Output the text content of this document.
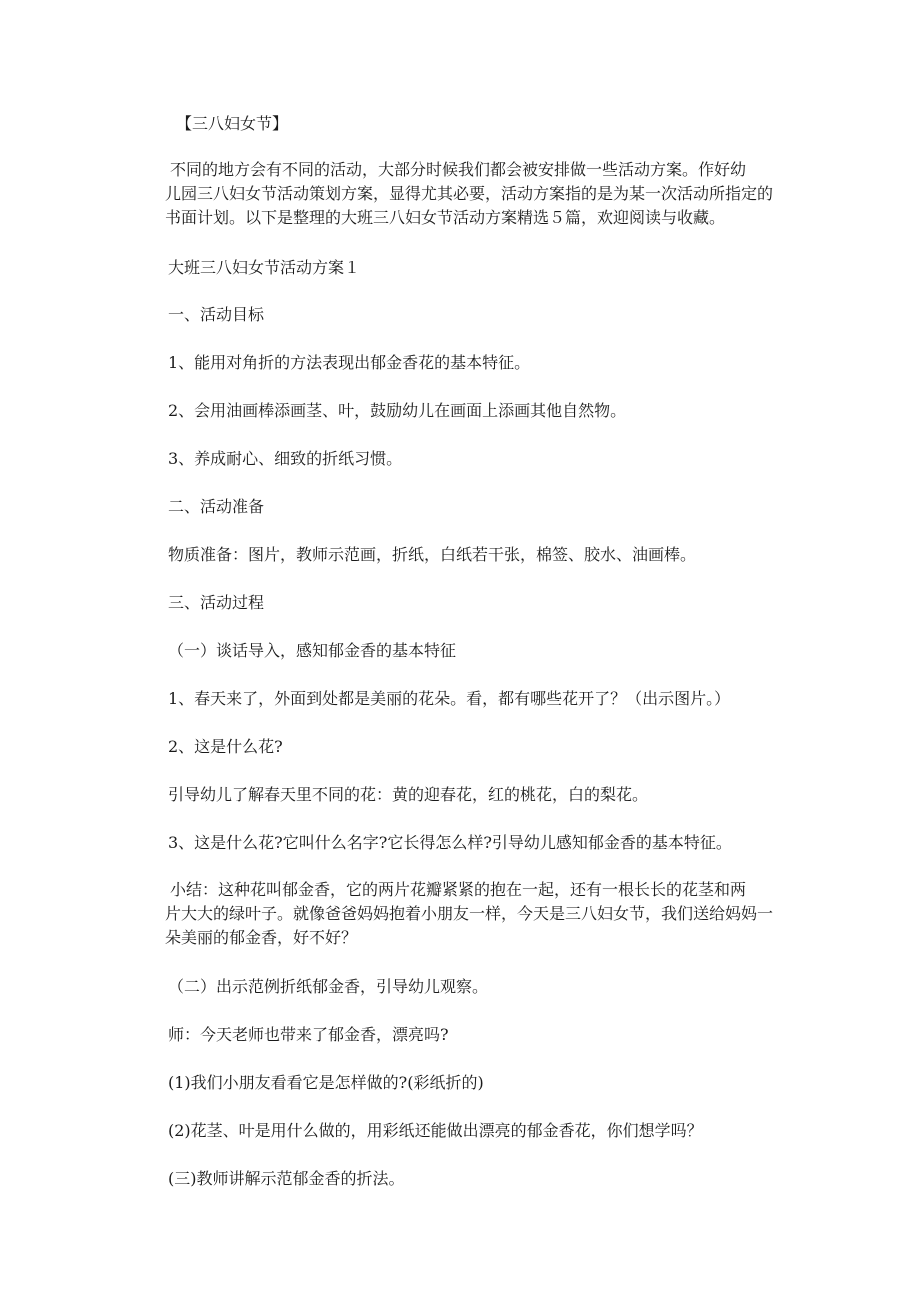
【三八妇女节】
不同的地方会有不同的活动，大部分时候我们都会被安排做一些活动方案。作好幼
儿园三八妇女节活动策划方案，显得尤其必要，活动方案指的是为某一次活动所指定的
书面计划。以下是整理的大班三八妇女节活动方案精选５篇，欢迎阅读与收藏。
大班三八妇女节活动方案１
一、活动目标
1、能用对角折的方法表现出郁金香花的基本特征。
2、会用油画棒添画茎、叶，鼓励幼儿在画面上添画其他自然物。
3、养成耐心、细致的折纸习惯。
二、活动准备
物质准备：图片，教师示范画，折纸，白纸若干张，棉签、胶水、油画棒。
三、活动过程
（一）谈话导入，感知郁金香的基本特征
1、春天来了，外面到处都是美丽的花朵。看，都有哪些花开了？（出示图片。）
2、这是什么花?
引导幼儿了解春天里不同的花：黄的迎春花，红的桃花，白的梨花。
3、这是什么花?它叫什么名字?它长得怎么样?引导幼儿感知郁金香的基本特征。
小结：这种花叫郁金香，它的两片花瓣紧紧的抱在一起，还有一根长长的花茎和两
片大大的绿叶子。就像爸爸妈妈抱着小朋友一样，今天是三八妇女节，我们送给妈妈一
朵美丽的郁金香，好不好？
（二）出示范例折纸郁金香，引导幼儿观察。
师：今天老师也带来了郁金香，漂亮吗?
(1)我们小朋友看看它是怎样做的?(彩纸折的)
(2)花茎、叶是用什么做的，用彩纸还能做出漂亮的郁金香花，你们想学吗？
(三)教师讲解示范郁金香的折法。
